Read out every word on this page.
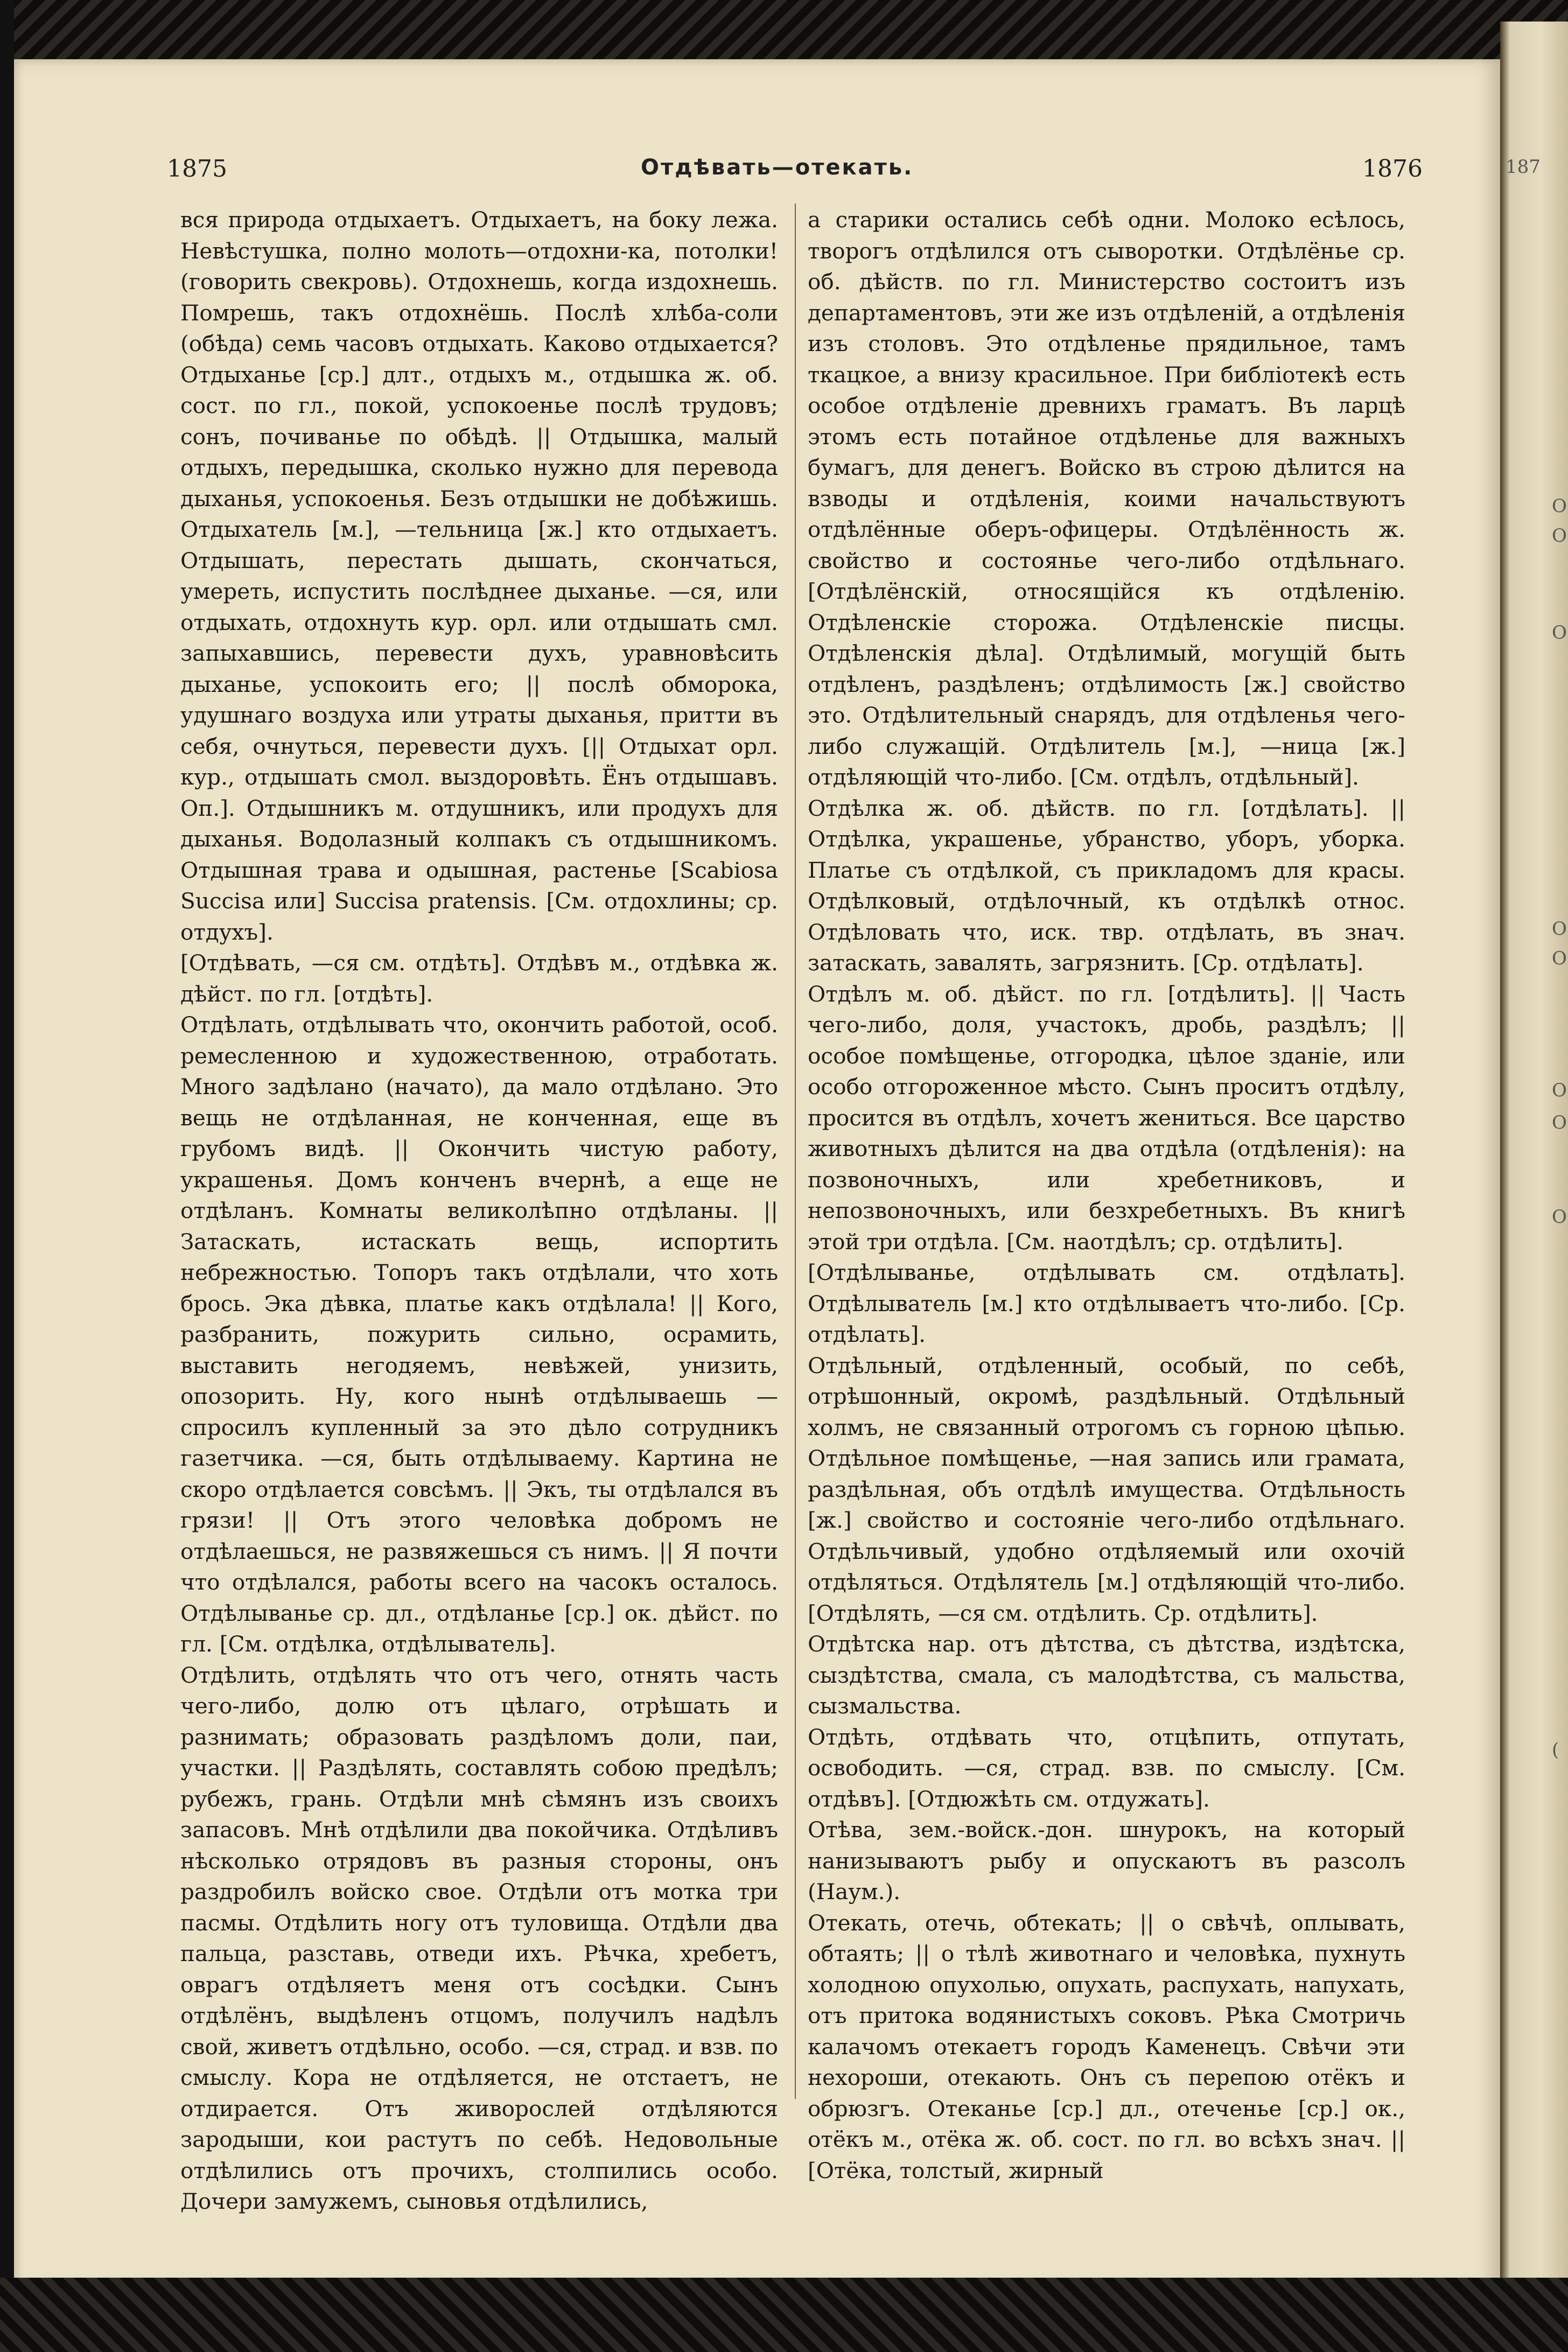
187
O
O
O
O
O
O
O
O
(
1875	Отдѣвать—отекать.	1876

вся природа отдыхаетъ. Отдыхаетъ, на боку лежа. Невѣстушка, полно молоть—отдохни-ка, потолки! (говорить свекровь). Отдохнешь, когда издохнешь. Помрешь, такъ отдохнёшь. Послѣ хлѣба-соли (обѣда) семь часовъ отдыхать. Каково отдыхается? Отдыханье [ср.] длт., отдыхъ м., отдышка ж. об. сост. по гл., покой, успокоенье послѣ трудовъ; сонъ, почиванье по обѣдѣ. || Отдышка, малый отдыхъ, передышка, сколько нужно для перевода дыханья, успокоенья. Безъ отдышки не добѣжишь. Отдыхатель [м.], —тельница [ж.] кто отдыхаетъ. Отдышать, перестать дышать, скончаться, умереть, испустить послѣднее дыханье. —ся, или отдыхать, отдохнуть кур. орл. или отдышать смл. запыхавшись, перевести духъ, уравновѣсить дыханье, успокоить его; || послѣ обморока, удушнаго воздуха или утраты дыханья, притти въ себя, очнуться, перевести духъ. [|| Отдыхат орл. кур., отдышать смол. выздоровѣть. Ёнъ отдышавъ. Оп.]. Отдышникъ м. отдушникъ, или продухъ для дыханья. Водолазный колпакъ съ отдышникомъ. Отдышная трава и одышная, растенье [Scabiosa Succisa или] Succisa pratensis. [См. отдохлины; ср. отдухъ].

[Отдѣвать, —ся см. отдѣть]. Отдѣвъ м., отдѣвка ж. дѣйст. по гл. [отдѣть].

Отдѣлать, отдѣлывать что, окончить работой, особ. ремесленною и художественною, отработать. Много задѣлано (начато), да мало отдѣлано. Это вещь не отдѣланная, не конченная, еще въ грубомъ видѣ. || Окончить чистую работу, украшенья. Домъ конченъ вчернѣ, а еще не отдѣланъ. Комнаты великолѣпно отдѣланы. || Затаскать, истаскать вещь, испортить небрежностью. Топоръ такъ отдѣлали, что хоть брось. Эка дѣвка, платье какъ отдѣлала! || Кого, разбранить, пожурить сильно, осрамить, выставить негодяемъ, невѣжей, унизить, опозорить. Ну, кого нынѣ отдѣлываешь — спросилъ купленный за это дѣло сотрудникъ газетчика. —ся, быть отдѣлываему. Картина не скоро отдѣлается совсѣмъ. || Экъ, ты отдѣлался въ грязи! || Отъ этого человѣка добромъ не отдѣлаешься, не развяжешься съ нимъ. || Я почти что отдѣлался, работы всего на часокъ осталось. Отдѣлыванье ср. дл., отдѣланье [ср.] ок. дѣйст. по гл. [См. отдѣлка, отдѣлыватель].

Отдѣлить, отдѣлять что отъ чего, отнять часть чего-либо, долю отъ цѣлаго, отрѣшать и разнимать; образовать раздѣломъ доли, паи, участки. || Раздѣлять, составлять собою предѣлъ; рубежъ, грань. Отдѣли мнѣ сѣмянъ изъ своихъ запасовъ. Мнѣ отдѣлили два покойчика. Отдѣливъ нѣсколько отрядовъ въ разныя стороны, онъ раздробилъ войско свое. Отдѣли отъ мотка три пасмы. Отдѣлить ногу отъ туловища. Отдѣли два пальца, разставь, отведи ихъ. Рѣчка, хребетъ, оврагъ отдѣляетъ меня отъ сосѣдки. Сынъ отдѣлёнъ, выдѣленъ отцомъ, получилъ надѣлъ свой, живетъ отдѣльно, особо. —ся, страд. и взв. по смыслу. Кора не отдѣляется, не отстаетъ, не отдирается. Отъ живорослей отдѣляются зародыши, кои растутъ по себѣ. Недовольные отдѣлились отъ прочихъ, столпились особо. Дочери замужемъ, сыновья отдѣлились,

а старики остались себѣ одни. Молоко есѣлось, творогъ отдѣлился отъ сыворотки. Отдѣлёнье ср. об. дѣйств. по гл. Министерство состоитъ изъ департаментовъ, эти же изъ отдѣленій, а отдѣленія изъ столовъ. Это отдѣленье прядильное, тамъ ткацкое, а внизу красильное. При библіотекѣ есть особое отдѣленіе древнихъ граматъ. Въ ларцѣ этомъ есть потайное отдѣленье для важныхъ бумагъ, для денегъ. Войско въ строю дѣлится на взводы и отдѣленія, коими начальствуютъ отдѣлённые оберъ-офицеры. Отдѣлённость ж. свойство и состоянье чего-либо отдѣльнаго. [Отдѣлёнскій, относящійся къ отдѣленію. Отдѣленскіе сторожа. Отдѣленскіе писцы. Отдѣленскія дѣла]. Отдѣлимый, могущій быть отдѣленъ, раздѣленъ; отдѣлимость [ж.] свойство это. Отдѣлительный снарядъ, для отдѣленья чего-либо служащій. Отдѣлитель [м.], —ница [ж.] отдѣляющій что-либо. [См. отдѣлъ, отдѣльный].

Отдѣлка ж. об. дѣйств. по гл. [отдѣлать]. || Отдѣлка, украшенье, убранство, уборъ, уборка. Платье съ отдѣлкой, съ прикладомъ для красы. Отдѣлковый, отдѣлочный, къ отдѣлкѣ относ. Отдѣловать что, иск. твр. отдѣлать, въ знач. затаскать, завалять, загрязнить. [Ср. отдѣлать].

Отдѣлъ м. об. дѣйст. по гл. [отдѣлить]. || Часть чего-либо, доля, участокъ, дробь, раздѣлъ; || особое помѣщенье, отгородка, цѣлое зданіе, или особо отгороженное мѣсто. Сынъ проситъ отдѣлу, просится въ отдѣлъ, хочетъ жениться. Все царство животныхъ дѣлится на два отдѣла (отдѣленія): на позвоночныхъ, или хребетниковъ, и непозвоночныхъ, или безхребетныхъ. Въ книгѣ этой три отдѣла. [См. наотдѣлъ; ср. отдѣлить].

[Отдѣлыванье, отдѣлывать см. отдѣлать]. Отдѣлыватель [м.] кто отдѣлываетъ что-либо. [Ср. отдѣлать].

Отдѣльный, отдѣленный, особый, по себѣ, отрѣшонный, окромѣ, раздѣльный. Отдѣльный холмъ, не связанный отрогомъ съ горною цѣпью. Отдѣльное помѣщенье, —ная запись или грамата, раздѣльная, объ отдѣлѣ имущества. Отдѣльность [ж.] свойство и состояніе чего-либо отдѣльнаго. Отдѣльчивый, удобно отдѣляемый или охочій отдѣляться. Отдѣлятель [м.] отдѣляющій что-либо. [Отдѣлять, —ся см. отдѣлить. Ср. отдѣлить].

Отдѣтска нар. отъ дѣтства, съ дѣтства, издѣтска, сыздѣтства, смала, съ малодѣтства, съ мальства, сызмальства.

Отдѣть, отдѣвать что, отцѣпить, отпутать, освободить. —ся, страд. взв. по смыслу. [См. отдѣвъ]. [Отдюжѣть см. отдужать].

Отѣва, зем.-войск.-дон. шнурокъ, на который нанизываютъ рыбу и опускаютъ въ разсолъ (Наум.).

Отекать, отечь, обтекать; || о свѣчѣ, оплывать, обтаять; || о тѣлѣ животнаго и человѣка, пухнуть холодною опухолью, опухать, распухать, напухать, отъ притока водянистыхъ соковъ. Рѣка Смотричь калачомъ отекаетъ городъ Каменецъ. Свѣчи эти нехороши, отекають. Онъ съ перепою отёкъ и обрюзгъ. Отеканье [ср.] дл., отеченье [ср.] ок., отёкъ м., отёка ж. об. сост. по гл. во всѣхъ знач. || [Отёка, толстый, жирный
